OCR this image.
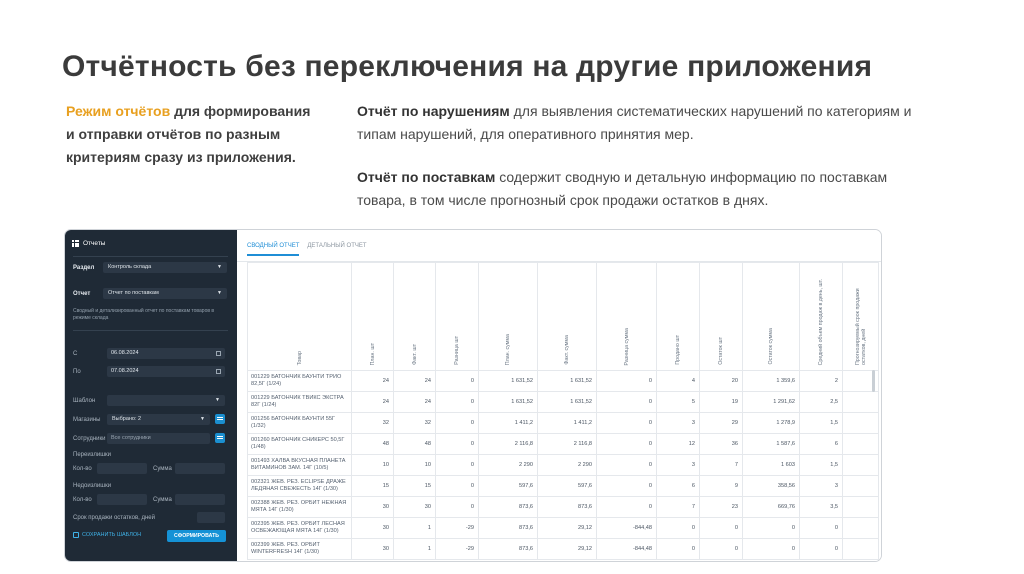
Отчётность без переключения на другие приложения
Режим отчётов для формирования и отправки отчётов по разным критериям сразу из приложения.
Отчёт по нарушениям для выявления систематических нарушений по категориям и типам нарушений, для оперативного принятия мер.
Отчёт по поставкам содержит сводную и детальную информацию по поставкам товара, в том числе прогнозный срок продажи остатков в днях.
Отчеты
Раздел	Контроль склада	▼
Отчет	Отчет по поставкам	▼
Сводный и детализированный отчет по поставкам товаров в режиме склада
С	06.08.2024
По	07.08.2024
Шаблон	▼
Магазины	Выбрано: 2	▼
Сотрудники	Все сотрудники
Переизлишки
Кол-во	Сумма
Недоизлишки
Кол-во	Сумма
Срок продажи остатков, дней
СОХРАНИТЬ ШАБЛОН	СФОРМИРОВАТЬ
СВОДНЫЙ ОТЧЕТ ДЕТАЛЬНЫЙ ОТЧЕТ
Товар	План. шт	Факт. шт	Разница шт	План. сумма	Факт. сумма	Разница сумма	Продано шт	Остаток шт	Остаток сумма	Средний объем продаж в день, шт.	Прогнозируемый срок продажи остатков, дней
001229 БАТОНЧИК БАУНТИ ТРИО 82,5Г (1/24)	24	24	0	1 631,52	1 631,52	0	4	20	1 359,6	2	
001229 БАТОНЧИК ТВИКС ЭКСТРА 82Г (1/24)	24	24	0	1 631,52	1 631,52	0	5	19	1 291,62	2,5	
001256 БАТОНЧИК БАУНТИ 55Г (1/32)	32	32	0	1 411,2	1 411,2	0	3	29	1 278,9	1,5	
001260 БАТОНЧИК СНИКЕРС 50,5Г (1/48)	48	48	0	2 116,8	2 116,8	0	12	36	1 587,6	6	
001493 ХАЛВА ВКУСНАЯ ПЛАНЕТА ВИТАМИНОВ ЗАМ. 14Г (10/5)	10	10	0	2 290	2 290	0	3	7	1 603	1,5	
002321 ЖЕВ. РЕЗ. ECLIPSE ДРАЖЕ ЛЕДЯНАЯ СВЕЖЕСТЬ 14Г (1/30)	15	15	0	597,6	597,6	0	6	9	358,56	3	
002388 ЖЕВ. РЕЗ. ОРБИТ НЕЖНАЯ МЯТА 14Г (1/30)	30	30	0	873,6	873,6	0	7	23	669,76	3,5	
002395 ЖЕВ. РЕЗ. ОРБИТ ЛЕСНАЯ ОСВЕЖАЮЩАЯ МЯТА 14Г (1/30)	30	1	-29	873,6	29,12	-844,48	0	0	0	0	
002399 ЖЕВ. РЕЗ. ОРБИТ WINTERFRESH 14Г (1/30)	30	1	-29	873,6	29,12	-844,48	0	0	0	0	
